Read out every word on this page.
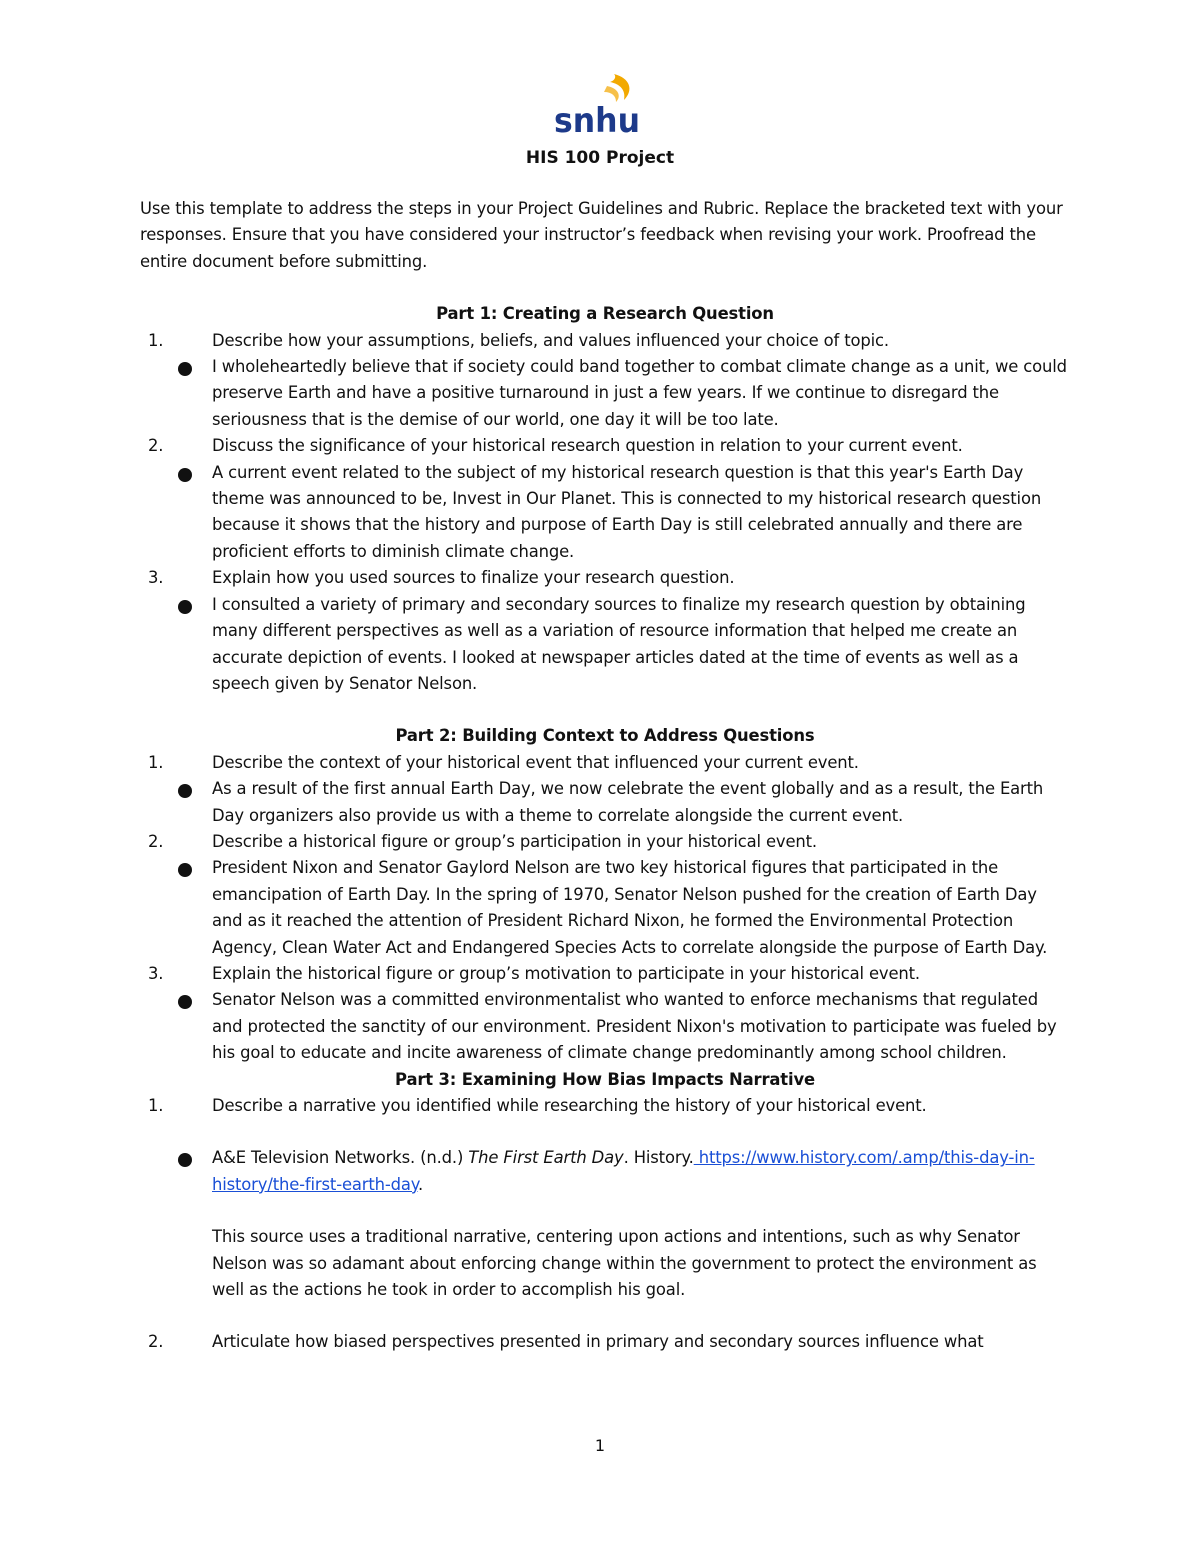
snhu
HIS 100 Project

Use this template to address the steps in your Project Guidelines and Rubric. Replace the bracketed text with your responses. Ensure that you have considered your instructor’s feedback when revising your work. Proofread the entire document before submitting.

Part 1: Creating a Research Question

1.	Describe how your assumptions, beliefs, and values influenced your choice of topic.
I wholeheartedly believe that if society could band together to combat climate change as a unit, we could preserve Earth and have a positive turnaround in just a few years. If we continue to disregard the seriousness that is the demise of our world, one day it will be too late.
2.	Discuss the significance of your historical research question in relation to your current event.
A current event related to the subject of my historical research question is that this year's Earth Day theme was announced to be, Invest in Our Planet. This is connected to my historical research question because it shows that the history and purpose of Earth Day is still celebrated annually and there are proficient efforts to diminish climate change.
3.	Explain how you used sources to finalize your research question.
I consulted a variety of primary and secondary sources to finalize my research question by obtaining many different perspectives as well as a variation of resource information that helped me create an accurate depiction of events. I looked at newspaper articles dated at the time of events as well as a speech given by Senator Nelson.

Part 2: Building Context to Address Questions

1.	Describe the context of your historical event that influenced your current event.
As a result of the first annual Earth Day, we now celebrate the event globally and as a result, the Earth Day organizers also provide us with a theme to correlate alongside the current event.
2.	Describe a historical figure or group’s participation in your historical event.
President Nixon and Senator Gaylord Nelson are two key historical figures that participated in the emancipation of Earth Day. In the spring of 1970, Senator Nelson pushed for the creation of Earth Day and as it reached the attention of President Richard Nixon, he formed the Environmental Protection Agency, Clean Water Act and Endangered Species Acts to correlate alongside the purpose of Earth Day.
3.	Explain the historical figure or group’s motivation to participate in your historical event.
Senator Nelson was a committed environmentalist who wanted to enforce mechanisms that regulated and protected the sanctity of our environment. President Nixon's motivation to participate was fueled by his goal to educate and incite awareness of climate change predominantly among school children.

Part 3: Examining How Bias Impacts Narrative

1.	Describe a narrative you identified while researching the history of your historical event.
A&E Television Networks. (n.d.) The First Earth Day. History. https://www.history.com/.amp/this-day-in-history/the-first-earth-day.
This source uses a traditional narrative, centering upon actions and intentions, such as why Senator Nelson was so adamant about enforcing change within the government to protect the environment as well as the actions he took in order to accomplish his goal.
2.	Articulate how biased perspectives presented in primary and secondary sources influence what
1
